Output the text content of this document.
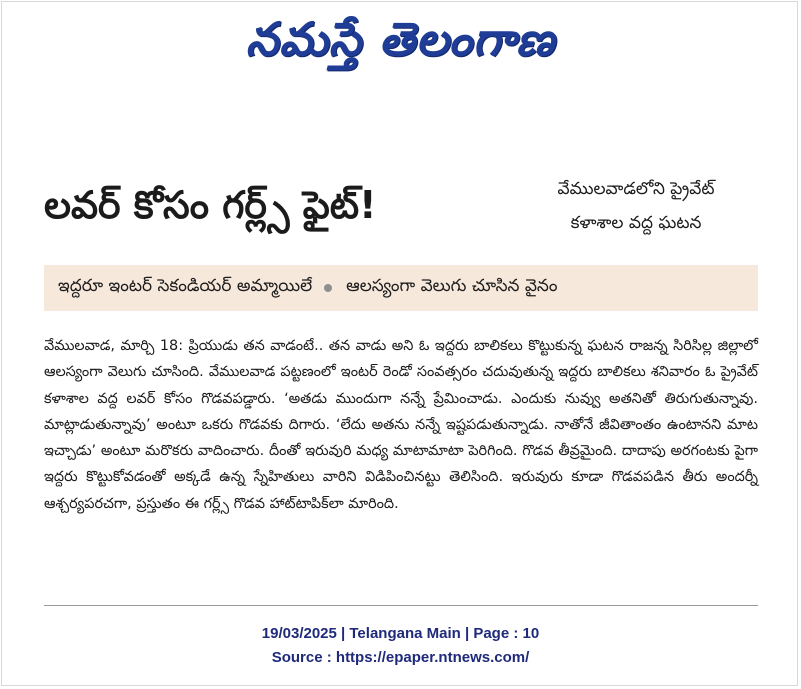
నమస్తే తెలంగాణ
లవర్ కోసం గర్ల్స్ ఫైట్!	వేములవాడలోని ప్రైవేట్
కళాశాల వద్ద ఘటన
ఇద్దరూ ఇంటర్ సెకండియర్ అమ్మాయిలే ఆలస్యంగా వెలుగు చూసిన వైనం
వేములవాడ, మార్చి 18: ప్రియుడు తన వాడంటే.. తన వాడు అని ఓ ఇద్దరు బాలికలు కొట్టుకున్న ఘటన రాజన్న సిరిసిల్ల జిల్లాలో ఆలస్యంగా వెలుగు చూసింది. వేములవాడ పట్టణంలో ఇంటర్ రెండో సంవత్సరం చదువుతున్న ఇద్దరు బాలికలు శనివారం ఓ ప్రైవేట్ కళాశాల వద్ద లవర్ కోసం గొడవపడ్డారు. ‘అతడు ముందుగా నన్నే ప్రేమించాడు. ఎందుకు నువ్వు అతనితో తిరుగుతున్నావు. మాట్లాడుతున్నావు’ అంటూ ఒకరు గొడవకు దిగారు. ‘లేదు అతను నన్నే ఇష్టపడుతున్నాడు. నాతోనే జీవితాంతం ఉంటానని మాట ఇచ్చాడు’ అంటూ మరొకరు వాదించారు. దీంతో ఇరువురి మధ్య మాటామాటా పెరిగింది. గొడవ తీవ్రమైంది. దాదాపు అరగంటకు పైగా ఇద్దరు కొట్టుకోవడంతో అక్కడే ఉన్న స్నేహితులు వారిని విడిపించినట్టు తెలిసింది. ఇరువురు కూడా గొడవపడిన తీరు అందర్నీ ఆశ్చర్యపరచగా, ప్రస్తుతం ఈ గర్ల్స్ గొడవ హాట్‌టాపిక్‌లా మారింది.
19/03/2025 | Telangana Main | Page : 10
Source : https://epaper.ntnews.com/
